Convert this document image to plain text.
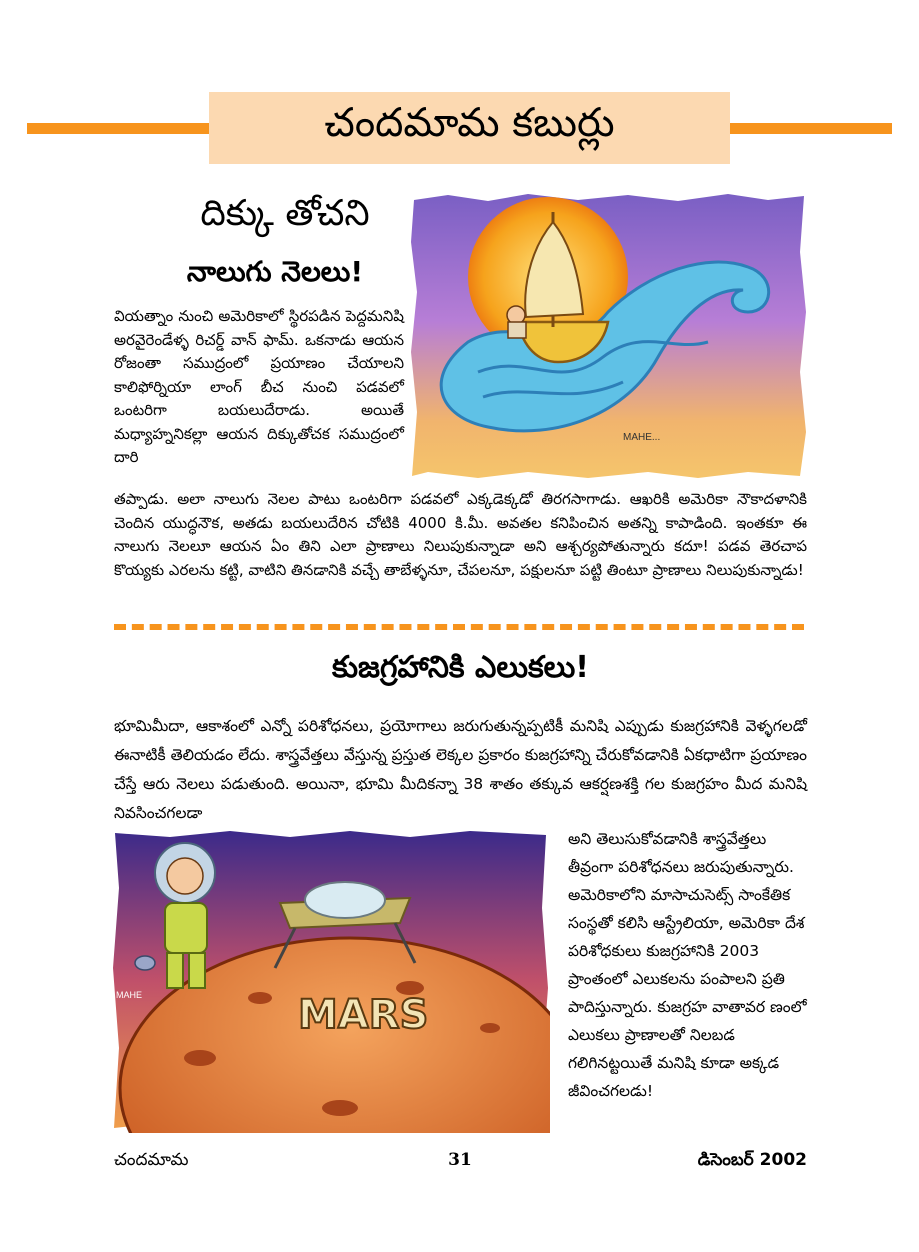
చందమామ కబుర్లు
దిక్కు తోచని
నాలుగు నెలలు!
వియత్నాం నుంచి అమెరికాలో స్థిరపడిన పెద్దమనిషి అరవైరెండేళ్ళ రిచర్డ్ వాన్ ఫామ్. ఒకనాడు ఆయన రోజంతా సముద్రంలో ప్రయాణం చేయాలని కాలిఫోర్నియా లాంగ్ బీచ నుంచి పడవలో ఒంటరిగా బయలుదేరాడు. అయితే మధ్యాహ్ననికల్లా ఆయన దిక్కుతోచక సముద్రంలో దారి
MAHE...
తప్పాడు. అలా నాలుగు నెలల పాటు ఒంటరిగా పడవలో ఎక్కడెక్కడో తిరగసాగాడు. ఆఖరికి అమెరికా నౌకాదళానికి చెందిన యుద్ధనౌక, అతడు బయలుదేరిన చోటికి 4000 కి.మీ. అవతల కనిపించిన అతన్ని కాపాడింది. ఇంతకూ ఈ నాలుగు నెలలూ ఆయన ఏం తిని ఎలా ప్రాణాలు నిలుపుకున్నాడా అని ఆశ్చర్యపోతున్నారు కదూ! పడవ తెరచాప కొయ్యకు ఎరలను కట్టి, వాటిని తినడానికి వచ్చే తాబేళ్ళనూ, చేపలనూ, పక్షులనూ పట్టి తింటూ ప్రాణాలు నిలుపుకున్నాడు!
కుజగ్రహానికి ఎలుకలు!
భూమిమీదా, ఆకాశంలో ఎన్నో పరిశోధనలు, ప్రయోగాలు జరుగుతున్నప్పటికీ మనిషి ఎప్పుడు కుజగ్రహానికి వెళ్ళగలడో ఈనాటికీ తెలియడం లేదు. శాస్త్రవేత్తలు వేస్తున్న ప్రస్తుత లెక్కల ప్రకారం కుజగ్రహాన్ని చేరుకోవడానికి ఏకధాటిగా ప్రయాణం చేస్తే ఆరు నెలలు పడుతుంది. అయినా, భూమి మీదికన్నా 38 శాతం తక్కువ ఆకర్షణశక్తి గల కుజగ్రహం మీద మనిషి నివసించగలడా
MARS
MAHE
అని తెలుసుకోవడానికి శాస్త్రవేత్తలు తీవ్రంగా పరిశోధనలు జరుపుతున్నారు. అమెరికాలోని మాసాచుసెట్స్ సాంకేతిక సంస్థతో కలిసి ఆస్ట్రేలియా, అమెరికా దేశ పరిశోధకులు కుజగ్రహానికి 2003 ప్రాంతంలో ఎలుకలను పంపాలని ప్రతి పాదిస్తున్నారు. కుజగ్రహ వాతావర ణంలో ఎలుకలు ప్రాణాలతో నిలబడ గలిగినట్టయితే మనిషి కూడా అక్కడ జీవించగలడు!
చందమామ	31	డిసెంబర్ 2002
